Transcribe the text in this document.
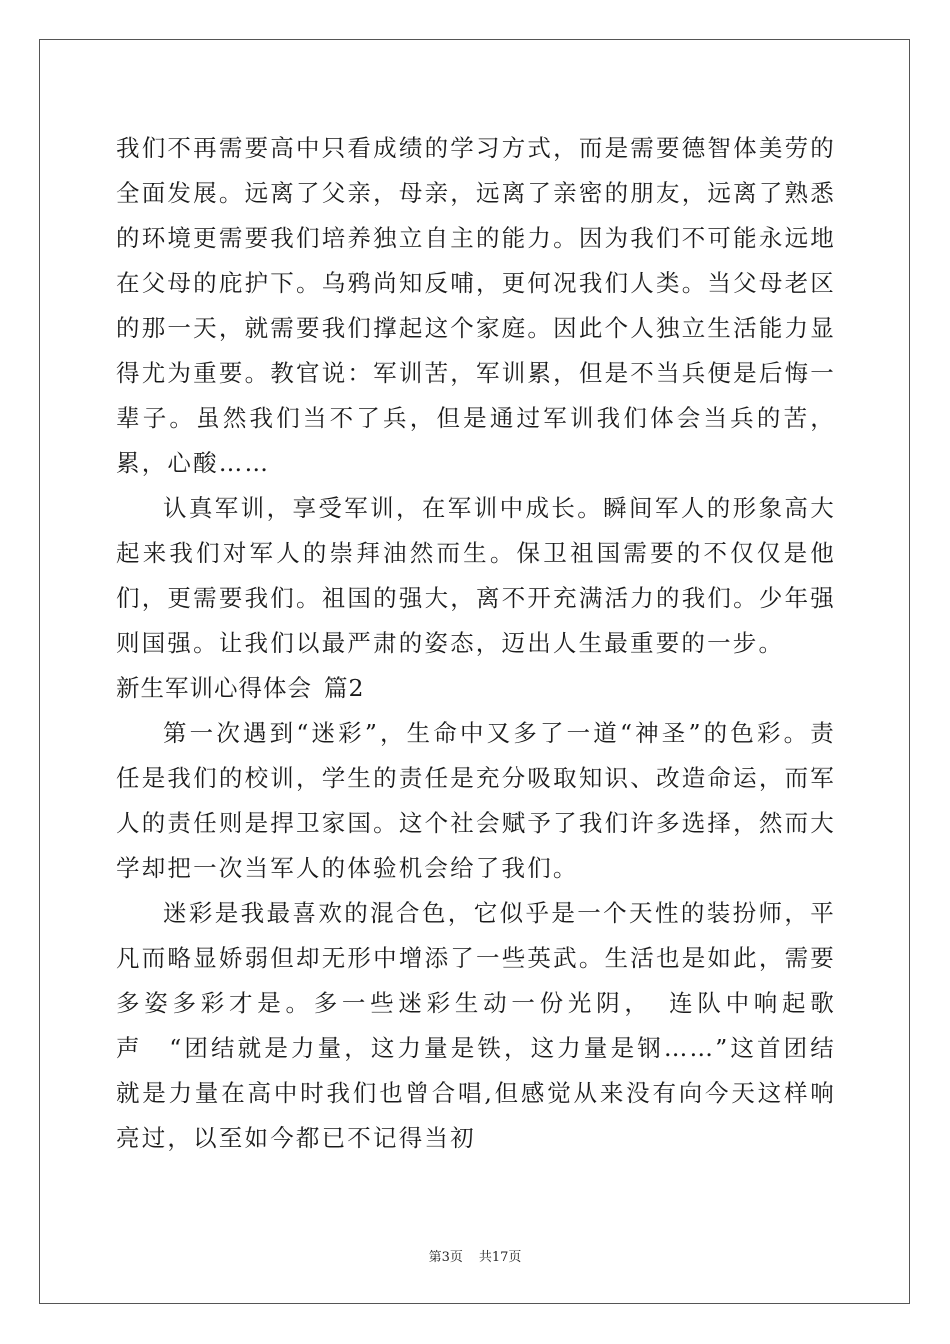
我们不再需要高中只看成绩的学习方式，而是需要德智体美劳的全面发展。远离了父亲，母亲，远离了亲密的朋友，远离了熟悉的环境更需要我们培养独立自主的能力。因为我们不可能永远地在父母的庇护下。乌鸦尚知反哺，更何况我们人类。当父母老区的那一天，就需要我们撑起这个家庭。因此个人独立生活能力显得尤为重要。教官说：军训苦，军训累，但是不当兵便是后悔一辈子。虽然我们当不了兵，但是通过军训我们体会当兵的苦，累，心酸……

认真军训，享受军训，在军训中成长。瞬间军人的形象高大起来我们对军人的崇拜油然而生。保卫祖国需要的不仅仅是他们，更需要我们。祖国的强大，离不开充满活力的我们。少年强则国强。让我们以最严肃的姿态，迈出人生最重要的一步。

新生军训心得体会 篇2

第一次遇到“迷彩”，生命中又多了一道“神圣”的色彩。责任是我们的校训，学生的责任是充分吸取知识、改造命运，而军人的责任则是捍卫家国。这个社会赋予了我们许多选择，然而大学却把一次当军人的体验机会给了我们。

迷彩是我最喜欢的混合色，它似乎是一个天性的装扮师，平凡而略显娇弱但却无形中增添了一些英武。生活也是如此，需要多姿多彩才是。多一些迷彩生动一份光阴，　连队中响起歌声　“团结就是力量，这力量是铁，这力量是钢……”这首团结就是力量在高中时我们也曾合唱,但感觉从来没有向今天这样响亮过，以至如今都已不记得当初

第3页 共17页
